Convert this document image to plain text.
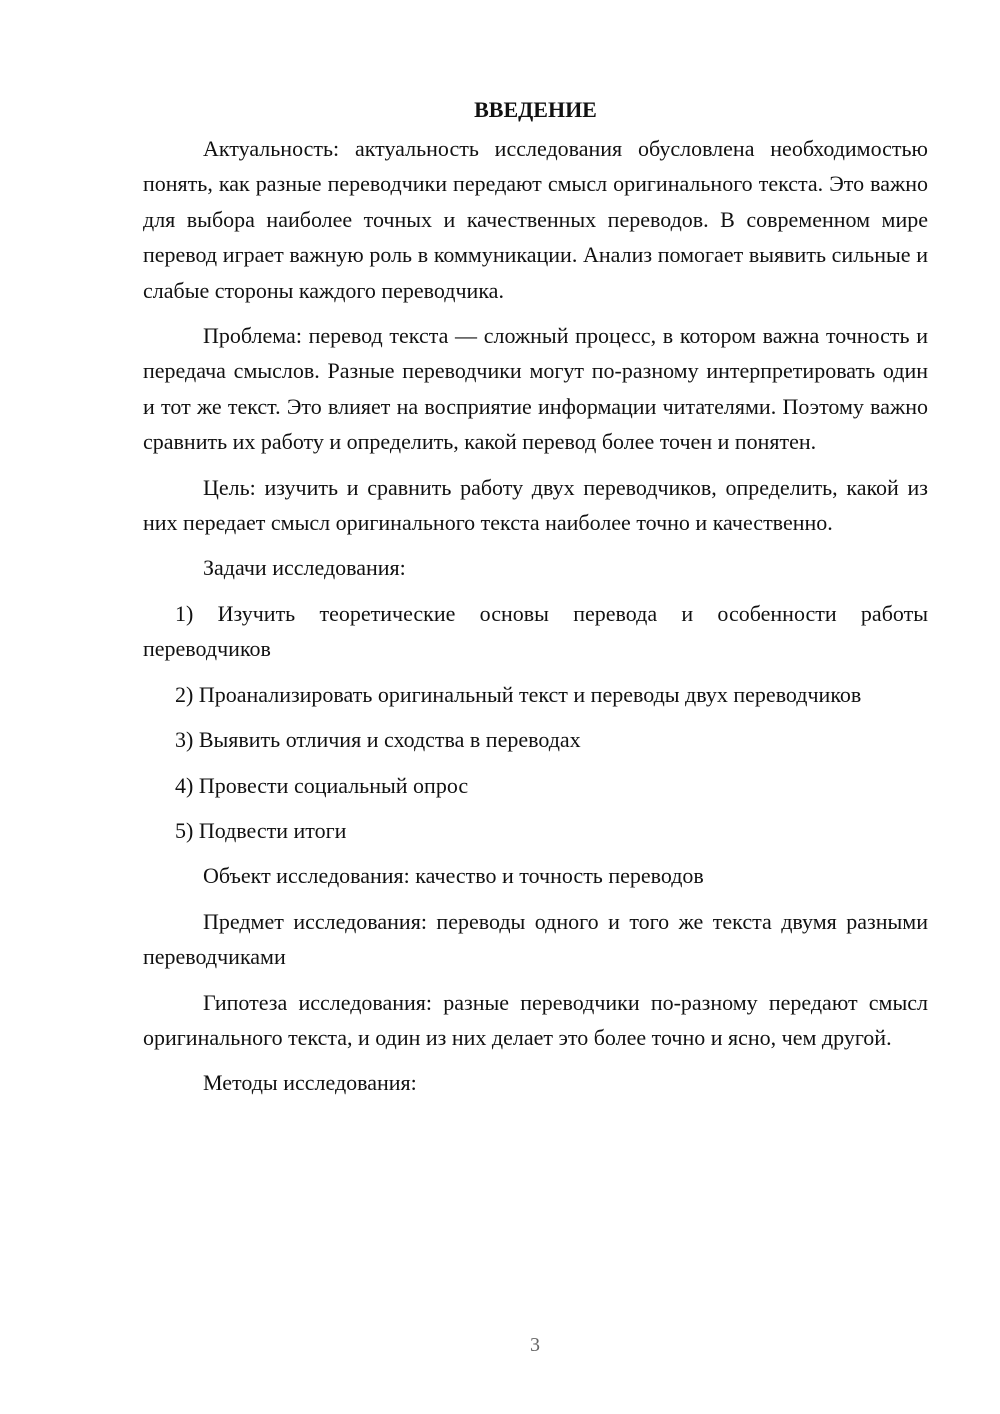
ВВЕДЕНИЕ

Актуальность: актуальность исследования обусловлена необходимостью понять, как разные переводчики передают смысл оригинального текста. Это важно для выбора наиболее точных и качественных переводов. В современном мире перевод играет важную роль в коммуникации. Анализ помогает выявить сильные и слабые стороны каждого переводчика.

Проблема: перевод текста — сложный процесс, в котором важна точность и передача смыслов. Разные переводчики могут по-разному интерпретировать один и тот же текст. Это влияет на восприятие информации читателями. Поэтому важно сравнить их работу и определить, какой перевод более точен и понятен.

Цель: изучить и сравнить работу двух переводчиков, определить, какой из них передает смысл оригинального текста наиболее точно и качественно.

Задачи исследования:

1) Изучить теоретические основы перевода и особенности работы переводчиков

2) Проанализировать оригинальный текст и переводы двух переводчиков

3) Выявить отличия и сходства в переводах

4) Провести социальный опрос

5) Подвести итоги

Объект исследования: качество и точность переводов

Предмет исследования: переводы одного и того же текста двумя разными переводчиками

Гипотеза исследования: разные переводчики по-разному передают смысл оригинального текста, и один из них делает это более точно и ясно, чем другой.

Методы исследования:

3
